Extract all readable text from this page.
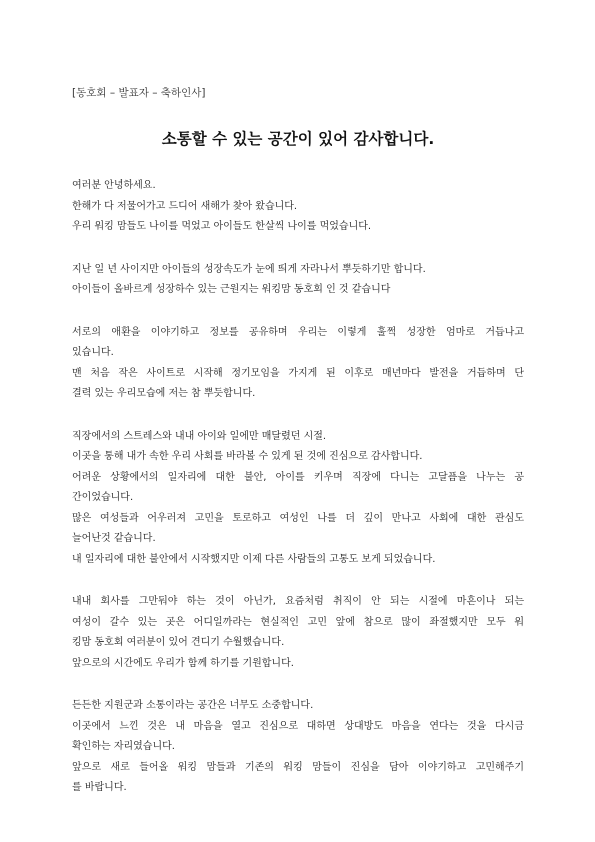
[동호회 – 발표자 – 축하인사]

소통할 수 있는 공간이 있어 감사합니다.
여러분 안녕하세요.
한해가 다 저물어가고 드디어 새해가 찾아 왔습니다.
우리 워킹 맘들도 나이를 먹었고 아이들도 한살씩 나이를 먹었습니다.
지난 일 년 사이지만 아이들의 성장속도가 눈에 띄게 자라나서 뿌듯하기만 합니다.
아이들이 올바르게 성장하수 있는 근원지는 워킹맘 동호회 인 것 같습니다
서로의 애환을 이야기하고 정보를 공유하며 우리는 이렇게 훌쩍 성장한 엄마로 거듭나고
있습니다.
맨 처음 작은 사이트로 시작해 정기모임을 가지게 된 이후로 매년마다 발전을 거듭하며 단
결력 있는 우리모습에 저는 참 뿌듯합니다.
직장에서의 스트레스와 내내 아이와 일에만 매달렸던 시절.
이곳을 통해 내가 속한 우리 사회를 바라볼 수 있게 된 것에 진심으로 감사합니다.
어려운 상황에서의 일자리에 대한 불안, 아이를 키우며 직장에 다니는 고달픔을 나누는 공
간이었습니다.
많은 여성들과 어우러져 고민을 토로하고 여성인 나를 더 깊이 만나고 사회에 대한 관심도
늘어난것 같습니다.
내 일자리에 대한 불안에서 시작했지만 이제 다른 사람들의 고통도 보게 되었습니다.
내내 회사를 그만둬야 하는 것이 아닌가, 요즘처럼 취직이 안 되는 시절에 마흔이나 되는
여성이 갈수 있는 곳은 어디일까라는 현실적인 고민 앞에 참으로 많이 좌절했지만 모두 워
킹맘 동호회 여러분이 있어 견디기 수월했습니다.
앞으로의 시간에도 우리가 함께 하기를 기원합니다.
든든한 지원군과 소통이라는 공간은 너무도 소중합니다.
이곳에서 느낀 것은 내 마음을 열고 진심으로 대하면 상대방도 마음을 연다는 것을 다시금
확인하는 자리였습니다.
앞으로 새로 들어올 워킹 맘들과 기존의 워킹 맘들이 진심을 담아 이야기하고 고민해주기
를 바랍니다.
